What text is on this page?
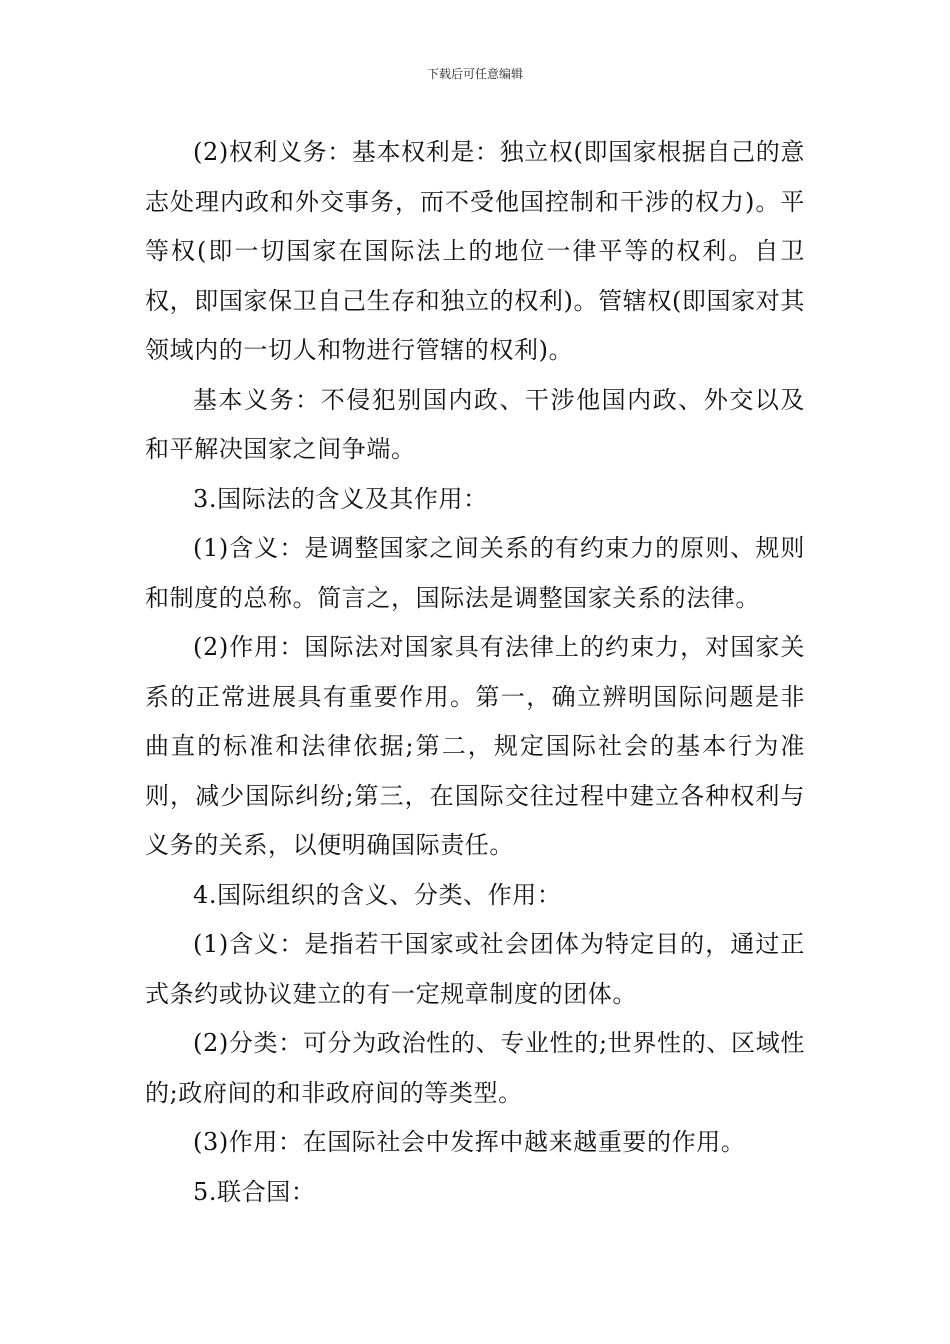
下载后可任意编辑

(2)权利义务：基本权利是：独立权(即国家根据自己的意志处理内政和外交事务，而不受他国控制和干涉的权力)。平等权(即一切国家在国际法上的地位一律平等的权利。自卫权，即国家保卫自己生存和独立的权利)。管辖权(即国家对其领域内的一切人和物进行管辖的权利)。

基本义务：不侵犯别国内政、干涉他国内政、外交以及和平解决国家之间争端。

3.国际法的含义及其作用：

(1)含义：是调整国家之间关系的有约束力的原则、规则和制度的总称。简言之，国际法是调整国家关系的法律。

(2)作用：国际法对国家具有法律上的约束力，对国家关系的正常进展具有重要作用。第一，确立辨明国际问题是非曲直的标准和法律依据;第二，规定国际社会的基本行为准则，减少国际纠纷;第三，在国际交往过程中建立各种权利与义务的关系，以便明确国际责任。

4.国际组织的含义、分类、作用：

(1)含义：是指若干国家或社会团体为特定目的，通过正式条约或协议建立的有一定规章制度的团体。

(2)分类：可分为政治性的、专业性的;世界性的、区域性的;政府间的和非政府间的等类型。

(3)作用：在国际社会中发挥中越来越重要的作用。

5.联合国：
